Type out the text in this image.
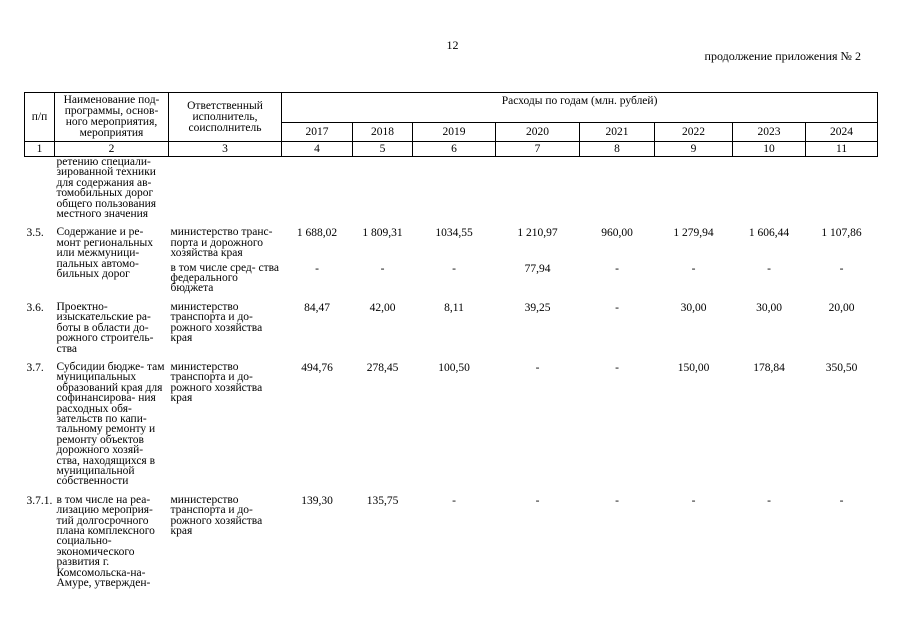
12
продолжение приложения № 2
п/п	Наименование под- программы, основ- ного мероприятия, мероприятия	Ответственный исполнитель, соисполнитель	Расходы по годам (млн. рублей)							
			2017	2018	2019	2020	2021	2022	2023	2024
1	2	3	4	5	6	7	8	9	10	11
	ретению специали- зированной техники для содержания ав- томобильных дорог общего пользования местного значения									
3.5.	Содержание и ре- монт региональных или межмуници- пальных автомо- бильных дорог	министерство транс- порта и дорожного хозяйства края	1 688,02	1 809,31	1034,55	1 210,97	960,00	1 279,94	1 606,44	1 107,86
		в том числе сред- ства федерального бюджета	-	-	-	77,94	-	-	-	-
3.6.	Проектно- изыскательские ра- боты в области до- рожного строитель- ства	министерство транспорта и до- рожного хозяйства края	84,47	42,00	8,11	39,25	-	30,00	30,00	20,00
3.7.	Субсидии бюдже- там муниципальных образований края для софинансирова- ния расходных обя- зательств по капи- тальному ремонту и ремонту объектов дорожного хозяй- ства, находящихся в муниципальной собственности	министерство транспорта и до- рожного хозяйства края	494,76	278,45	100,50	-	-	150,00	178,84	350,50
3.7.1.	в том числе на реа- лизацию мероприя- тий долгосрочного плана комплексного социально- экономического развития г. Комсомольска-на- Амуре, утвержден-	министерство транспорта и до- рожного хозяйства края	139,30	135,75	-	-	-	-	-	-
